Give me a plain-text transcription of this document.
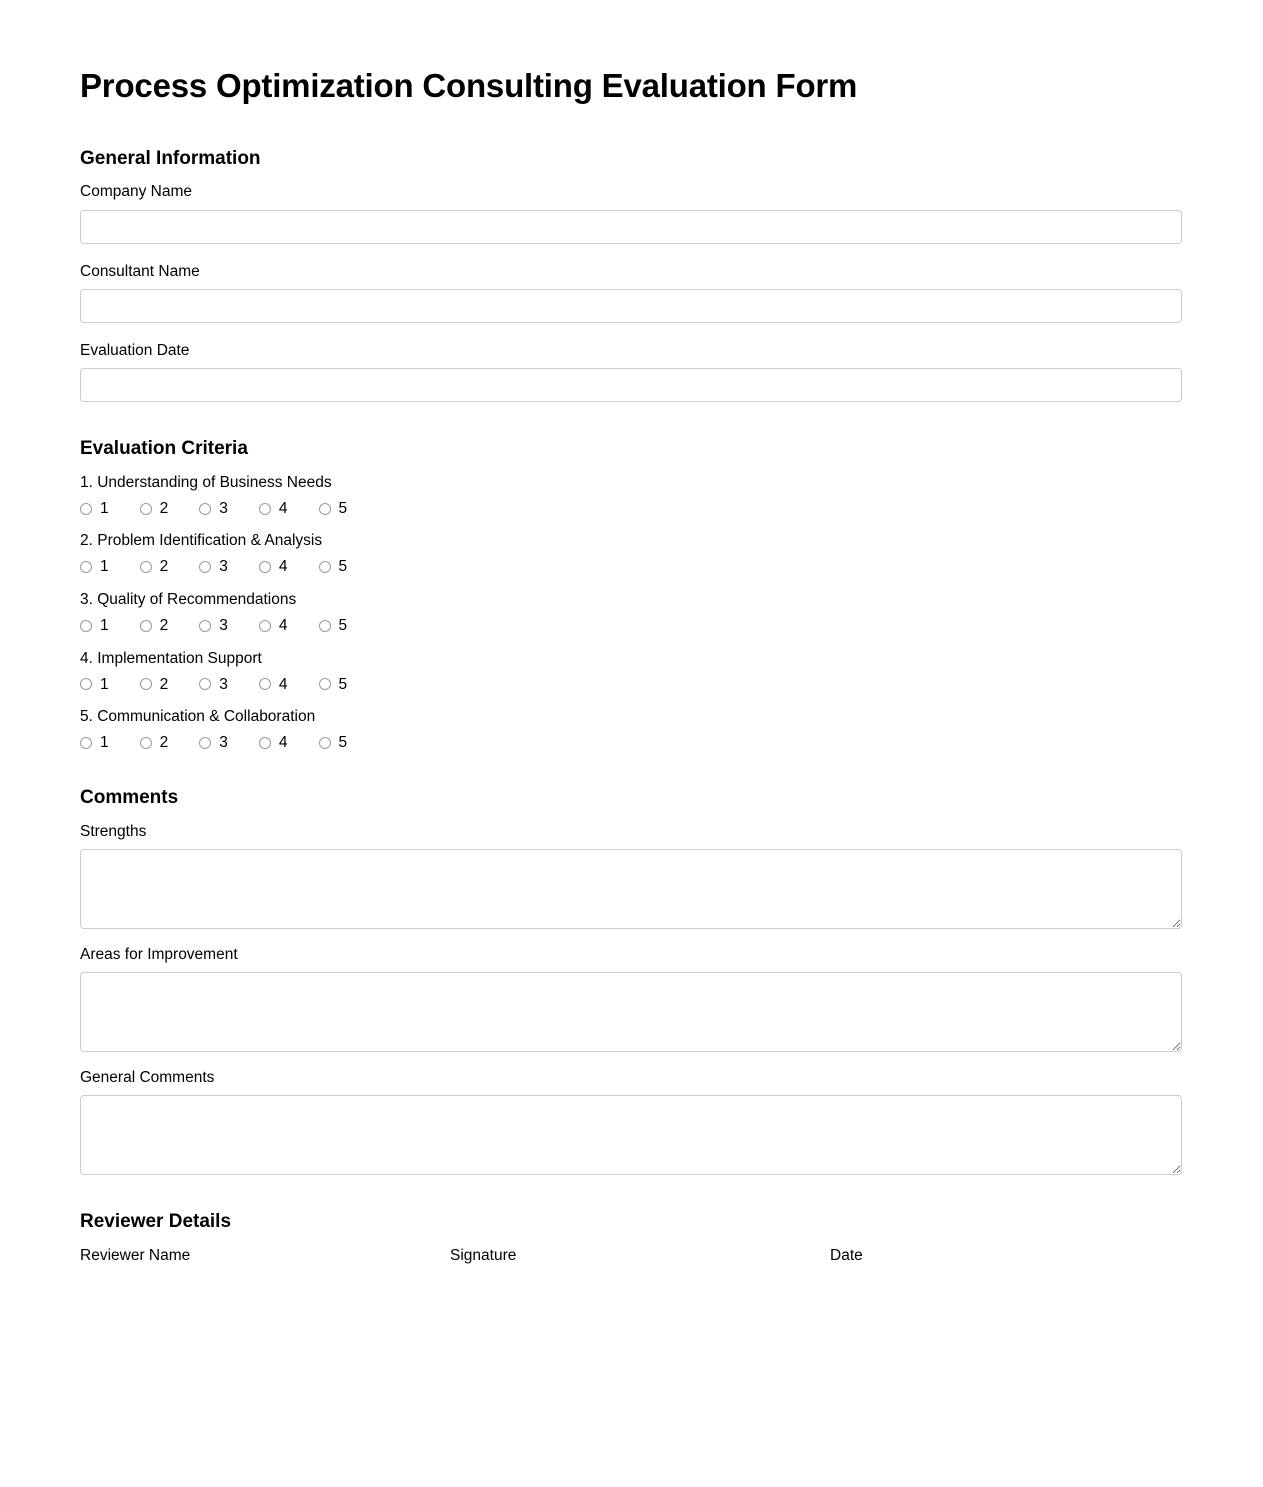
Process Optimization Consulting Evaluation Form
General Information
Company Name
Consultant Name
Evaluation Date
Evaluation Criteria
1. Understanding of Business Needs
1	2	3	4	5
2. Problem Identification & Analysis
1	2	3	4	5
3. Quality of Recommendations
1	2	3	4	5
4. Implementation Support
1	2	3	4	5
5. Communication & Collaboration
1	2	3	4	5
Comments
Strengths
Areas for Improvement
General Comments
Reviewer Details
Reviewer Name	Signature	Date
